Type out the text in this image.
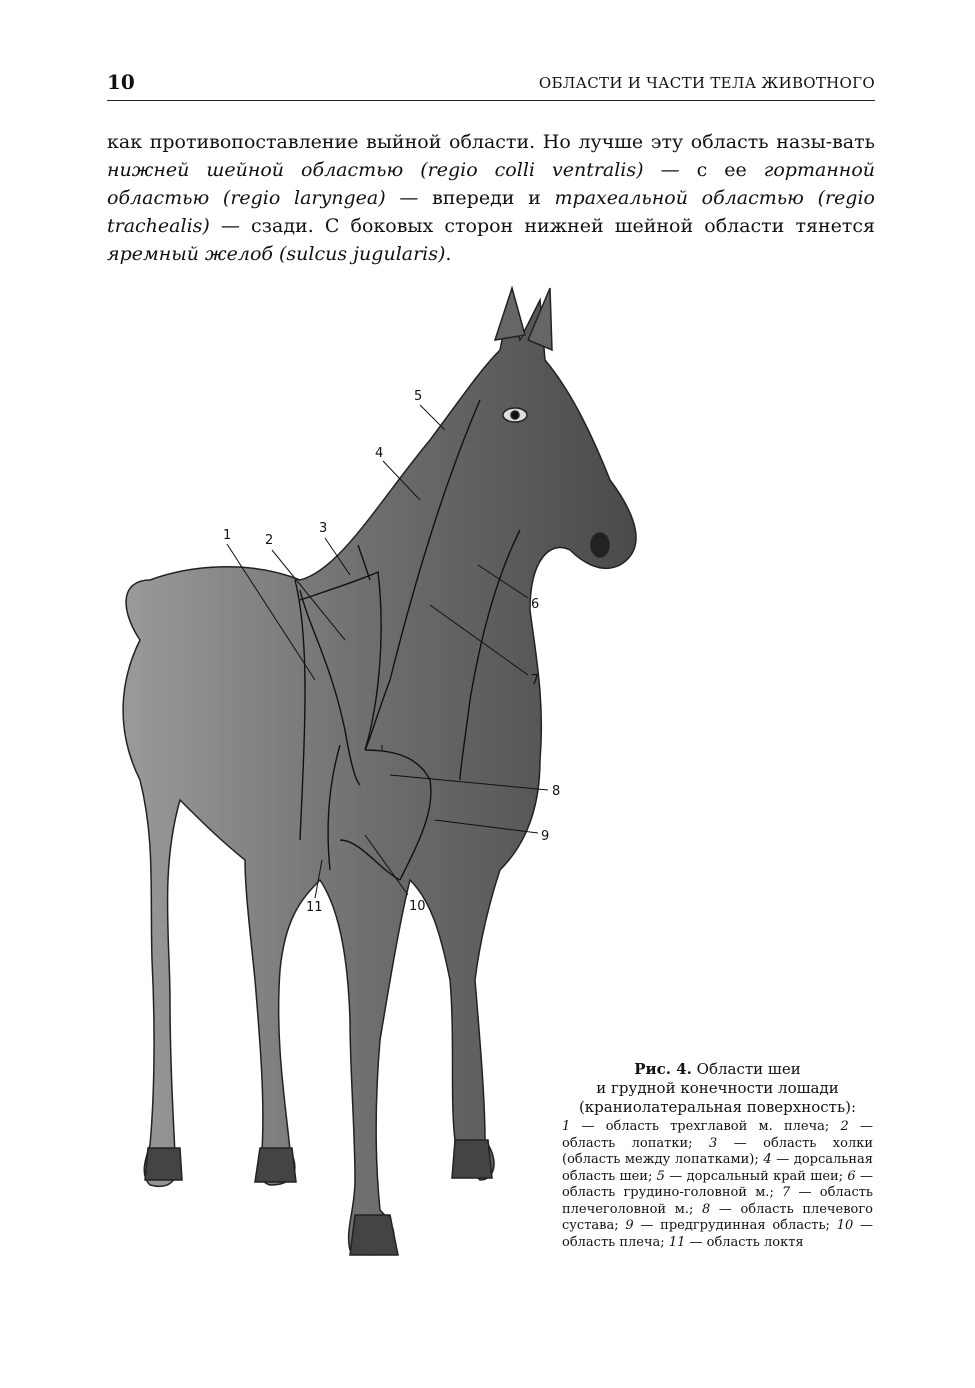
10	ОБЛАСТИ И ЧАСТИ ТЕЛА ЖИВОТНОГО
как противопоставление выйной области. Но лучше эту область назы-вать нижней шейной областью (regio colli ventralis) — с ее гортанной областью (regio laryngea) — впереди и трахеальной областью (regio trachealis) — сзади. С боковых сторон нижней шейной области тянется яремный желоб (sulcus jugularis).
1	2
3
4
5
6
7
8
9
10
11
Рис. 4. Области шеи
и грудной конечности лошади
(краниолатеральная поверхность):
1 — область трехглавой м. плеча; 2 — область лопатки; 3 — область холки (область между лопатками); 4 — дорсальная область шеи; 5 — дорсальный край шеи; 6 — область грудино-головной м.; 7 — область плечеголовной м.; 8 — область плечевого сустава; 9 — предгрудинная область; 10 — область плеча; 11 — область локтя
